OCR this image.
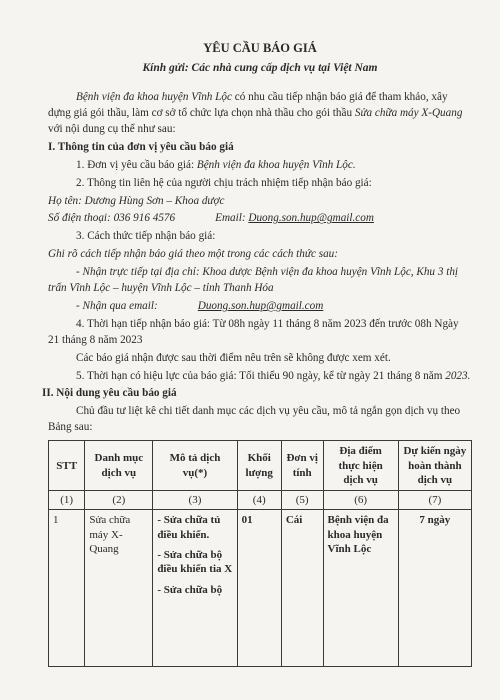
YÊU CẦU BÁO GIÁ
Kính gửi: Các nhà cung cấp dịch vụ tại Việt Nam

Bệnh viện đa khoa huyện Vĩnh Lộc có nhu cầu tiếp nhận báo giá để tham khảo, xây dựng giá gói thầu, làm cơ sở tổ chức lựa chọn nhà thầu cho gói thầu Sửa chữa máy X-Quang với nội dung cụ thể như sau:

I. Thông tin của đơn vị yêu cầu báo giá

1. Đơn vị yêu cầu báo giá: Bệnh viện đa khoa huyện Vĩnh Lộc.

2. Thông tin liên hệ của người chịu trách nhiệm tiếp nhận báo giá:

Họ tên: Dương Hùng Sơn – Khoa dược

Số điện thoại: 036 916 4576	Email: Duong.son.hup@gmail.com

3. Cách thức tiếp nhận báo giá:

Ghi rõ cách tiếp nhận báo giá theo một trong các cách thức sau:

- Nhận trực tiếp tại địa chỉ: Khoa dược Bệnh viện đa khoa huyện Vĩnh Lộc, Khu 3 thị trấn Vĩnh Lộc – huyện Vĩnh Lộc – tỉnh Thanh Hóa

- Nhận qua email:	Duong.son.hup@gmail.com

4. Thời hạn tiếp nhận báo giá: Từ 08h ngày 11 tháng 8 năm 2023 đến trước 08h Ngày 21 tháng 8 năm 2023

Các báo giá nhận được sau thời điểm nêu trên sẽ không được xem xét.

5. Thời hạn có hiệu lực của báo giá: Tối thiểu 90 ngày, kể từ ngày 21 tháng 8 năm 2023.

II. Nội dung yêu cầu báo giá

Chủ đầu tư liệt kê chi tiết danh mục các dịch vụ yêu cầu, mô tả ngắn gọn dịch vụ theo Bảng sau:

STT	Danh mục dịch vụ	Mô tả dịch vụ(*)	Khối lượng	Đơn vị tính	Địa điểm thực hiện dịch vụ	Dự kiến ngày hoàn thành dịch vụ
(1)	(2)	(3)	(4)	(5)	(6)	(7)
1	Sửa chữa máy X-Quang	- Sửa chữa tủ điều khiển.
- Sửa chữa bộ điều khiển tia X
- Sửa chữa bộ	01	Cái	Bệnh viện đa khoa huyện Vĩnh Lộc	7 ngày
